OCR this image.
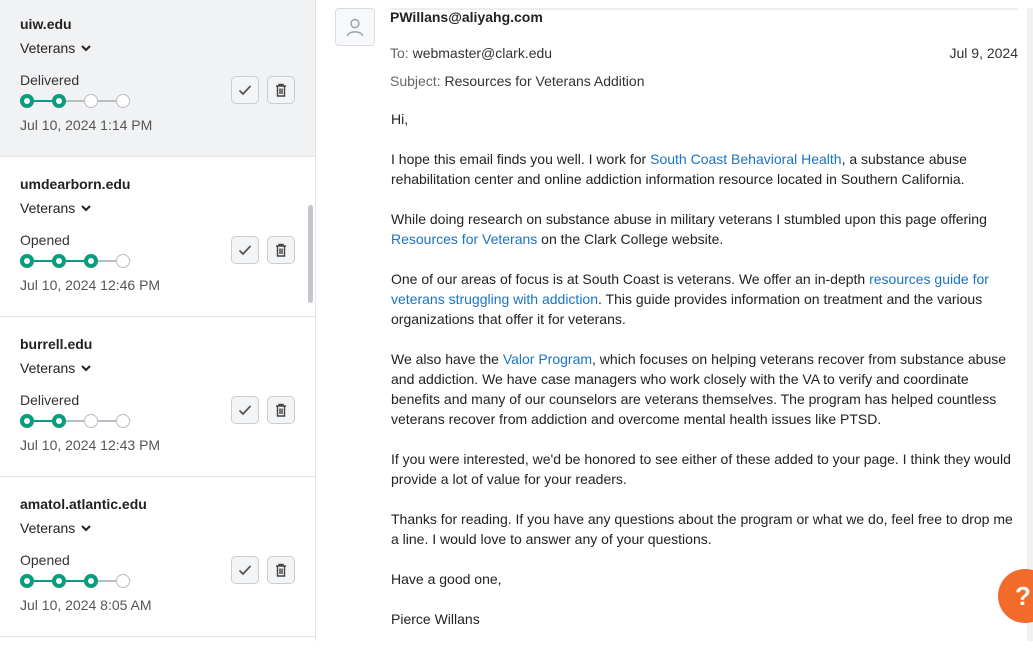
uiw.edu
Veterans
Delivered
Jul 10, 2024 1:14 PM
umdearborn.edu
Veterans
Opened
Jul 10, 2024 12:46 PM
burrell.edu
Veterans
Delivered
Jul 10, 2024 12:43 PM
amatol.atlantic.edu
Veterans
Opened
Jul 10, 2024 8:05 AM
PWillans@aliyahg.com
To: webmaster@clark.edu	Jul 9, 2024
Subject: Resources for Veterans Addition

Hi,

I hope this email finds you well. I work for South Coast Behavioral Health, a substance abuse rehabilitation center and online addiction information resource located in Southern California.

While doing research on substance abuse in military veterans I stumbled upon this page offering Resources for Veterans on the Clark College website.

One of our areas of focus is at South Coast is veterans. We offer an in-depth resources guide for veterans struggling with addiction. This guide provides information on treatment and the various organizations that offer it for veterans.

We also have the Valor Program, which focuses on helping veterans recover from substance abuse and addiction. We have case managers who work closely with the VA to verify and coordinate benefits and many of our counselors are veterans themselves. The program has helped countless veterans recover from addiction and overcome mental health issues like PTSD.

If you were interested, we'd be honored to see either of these added to your page. I think they would provide a lot of value for your readers.

Thanks for reading. If you have any questions about the program or what we do, feel free to drop me a line. I would love to answer any of your questions.

Have a good one,

Pierce Willans

?
